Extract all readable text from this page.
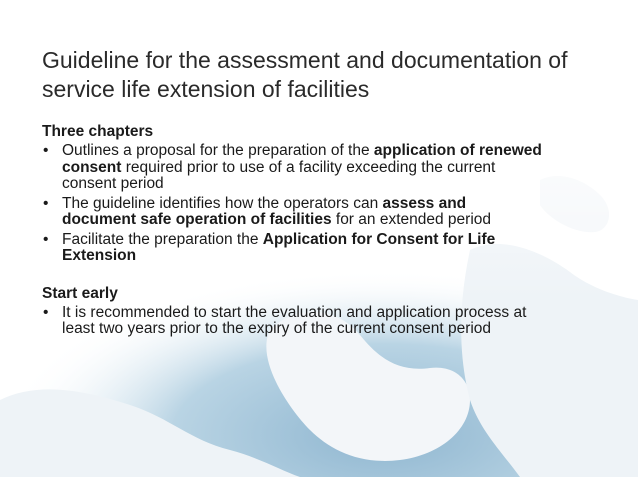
Guideline for the assessment and documentation of service life extension of facilities

Three chapters

• Outlines a proposal for the preparation of the application of renewed consent required prior to use of a facility exceeding the current consent period
• The guideline identifies how the operators can assess and document safe operation of facilities for an extended period
• Facilitate the preparation the Application for Consent for Life Extension

Start early

• It is recommended to start the evaluation and application process at least two years prior to the expiry of the current consent period
